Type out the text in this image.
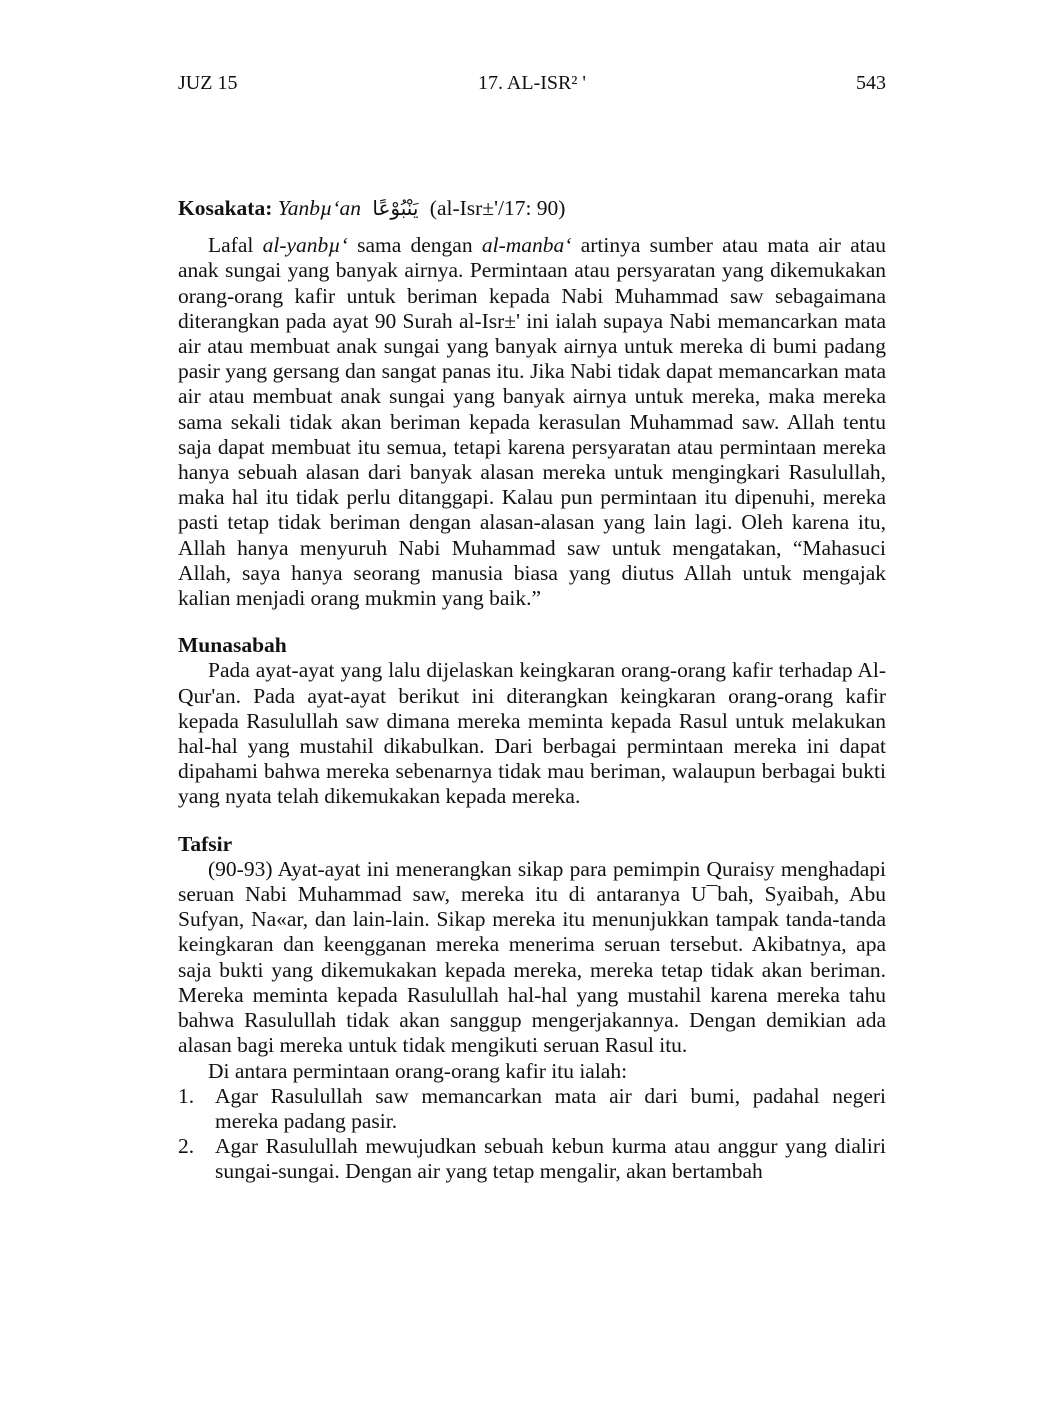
JUZ 15	17. AL-ISR² '	543

Kosakata: Yanbµ‘an يَنْبُوْعًا (al-Isr±'/17: 90)

Lafal al-yanbµ‘ sama dengan al-manba‘ artinya sumber atau mata air atau anak sungai yang banyak airnya. Permintaan atau persyaratan yang dikemukakan orang-orang kafir untuk beriman kepada Nabi Muhammad saw sebagaimana diterangkan pada ayat 90 Surah al-Isr±' ini ialah supaya Nabi memancarkan mata air atau membuat anak sungai yang banyak airnya untuk mereka di bumi padang pasir yang gersang dan sangat panas itu. Jika Nabi tidak dapat memancarkan mata air atau membuat anak sungai yang banyak airnya untuk mereka, maka mereka sama sekali tidak akan beriman kepada kerasulan Muhammad saw. Allah tentu saja dapat membuat itu semua, tetapi karena persyaratan atau permintaan mereka hanya sebuah alasan dari banyak alasan mereka untuk mengingkari Rasulullah, maka hal itu tidak perlu ditanggapi. Kalau pun permintaan itu dipenuhi, mereka pasti tetap tidak beriman dengan alasan-alasan yang lain lagi. Oleh karena itu, Allah hanya menyuruh Nabi Muhammad saw untuk mengatakan, “Mahasuci Allah, saya hanya seorang manusia biasa yang diutus Allah untuk mengajak kalian menjadi orang mukmin yang baik.”

Munasabah

Pada ayat-ayat yang lalu dijelaskan keingkaran orang-orang kafir terhadap Al-Qur'an. Pada ayat-ayat berikut ini diterangkan keingkaran orang-orang kafir kepada Rasulullah saw dimana mereka meminta kepada Rasul untuk melakukan hal-hal yang mustahil dikabulkan. Dari berbagai permintaan mereka ini dapat dipahami bahwa mereka sebenarnya tidak mau beriman, walaupun berbagai bukti yang nyata telah dikemukakan kepada mereka.

Tafsir

(90-93) Ayat-ayat ini menerangkan sikap para pemimpin Quraisy menghadapi seruan Nabi Muhammad saw, mereka itu di antaranya U¯bah, Syaibah, Abu Sufyan, Na«ar, dan lain-lain. Sikap mereka itu menunjukkan tampak tanda-tanda keingkaran dan keengganan mereka menerima seruan tersebut. Akibatnya, apa saja bukti yang dikemukakan kepada mereka, mereka tetap tidak akan beriman. Mereka meminta kepada Rasulullah hal-hal yang mustahil karena mereka tahu bahwa Rasulullah tidak akan sanggup mengerjakannya. Dengan demikian ada alasan bagi mereka untuk tidak mengikuti seruan Rasul itu.

Di antara permintaan orang-orang kafir itu ialah:

1. Agar Rasulullah saw memancarkan mata air dari bumi, padahal negeri mereka padang pasir.
2. Agar Rasulullah mewujudkan sebuah kebun kurma atau anggur yang dialiri sungai-sungai. Dengan air yang tetap mengalir, akan bertambah
